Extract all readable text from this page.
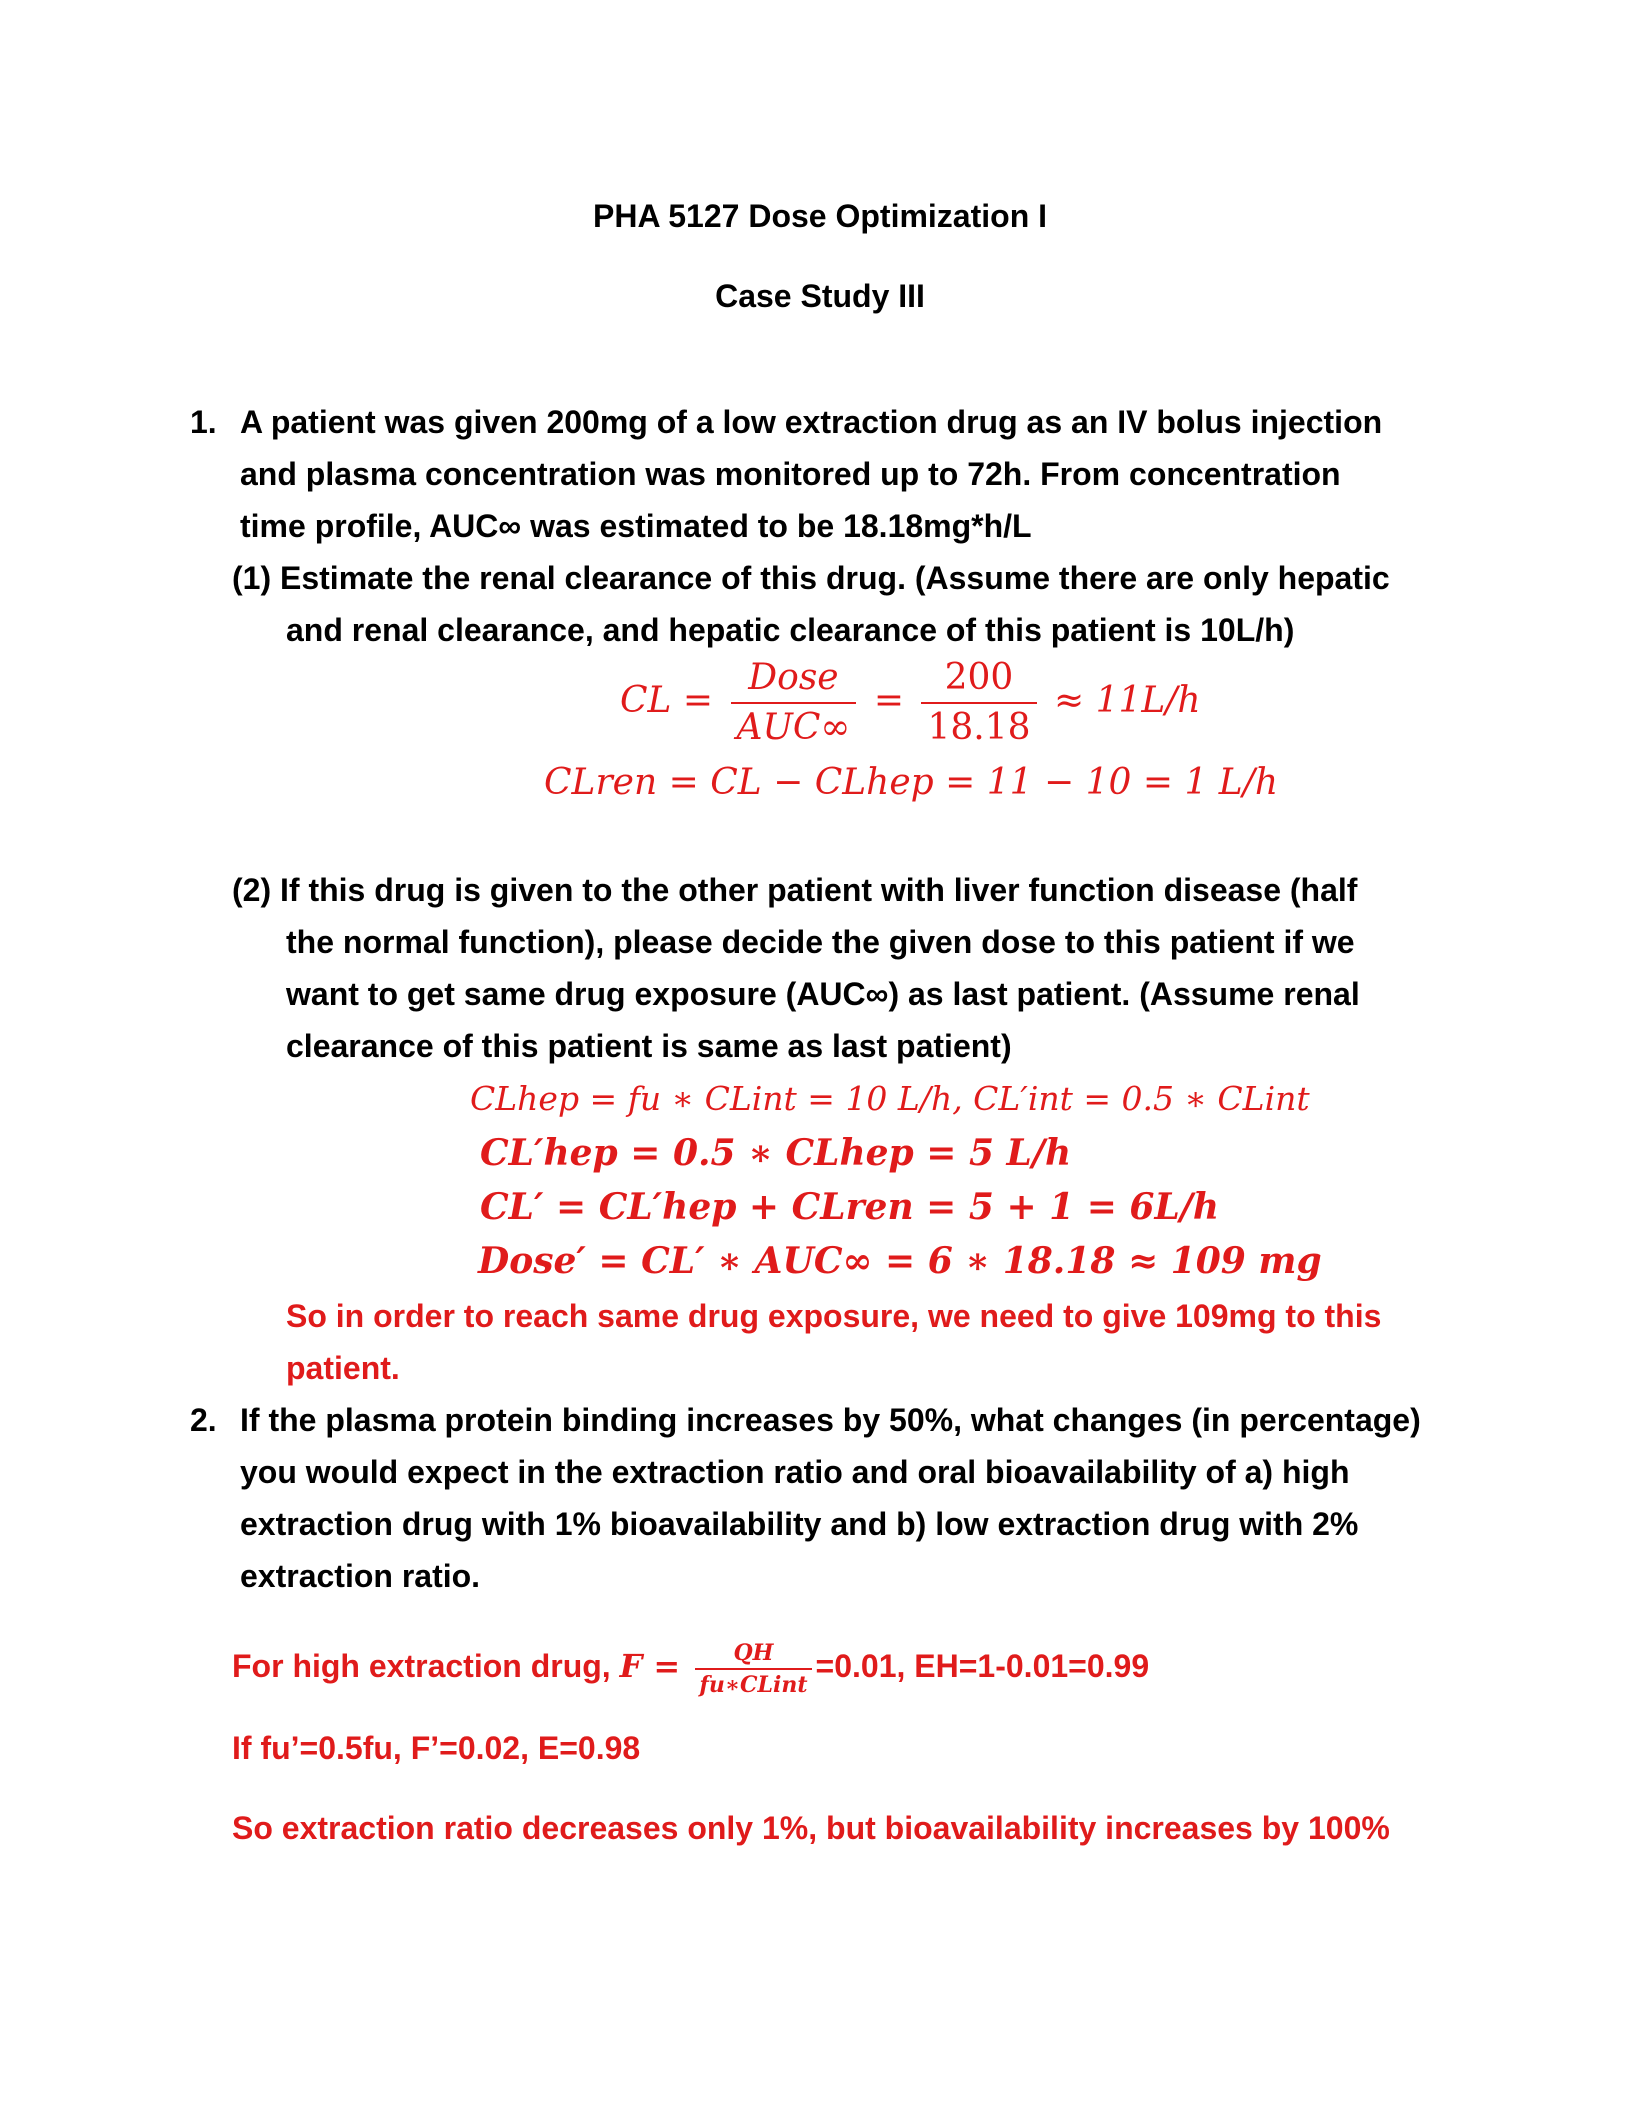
PHA 5127 Dose Optimization I
Case Study III
1. A patient was given 200mg of a low extraction drug as an IV bolus injection
and plasma concentration was monitored up to 72h. From concentration
time profile, AUC∞ was estimated to be 18.18mg*h/L
(1) Estimate the renal clearance of this drug. (Assume there are only hepatic
and renal clearance, and hepatic clearance of this patient is 10L/h)
CL = $\frac{\text{Dose}}{\text{AUC∞}} = \frac{200}{18.18} \approx 11L/h$
CLren = CL − CLhep = 11 − 10 = 1 L/h
(2) If this drug is given to the other patient with liver function disease (half
the normal function), please decide the given dose to this patient if we
want to get same drug exposure (AUC∞) as last patient. (Assume renal
clearance of this patient is same as last patient)
CLhep = fu ∗ CLint = 10 L/h, CL′int = 0.5 ∗ CLint
CL′hep = 0.5 ∗ CLhep = 5 L/h
CL′ = CL′hep + CLren = 5 + 1 = 6L/h
Dose′ = CL′ ∗ AUC∞ = 6 ∗ 18.18 ≈ 109 mg
So in order to reach same drug exposure, we need to give 109mg to this
patient.
2. If the plasma protein binding increases by 50%, what changes (in percentage)
you would expect in the extraction ratio and oral bioavailability of a) high
extraction drug with 1% bioavailability and b) low extraction drug with 2%
extraction ratio.
For high extraction drug, $F = \frac{QH}{\text{fu∗CLint}} =0.01$, EH=1-0.01=0.99
If fu’=0.5fu, F’=0.02, E=0.98
So extraction ratio decreases only 1%, but bioavailability increases by 100%
